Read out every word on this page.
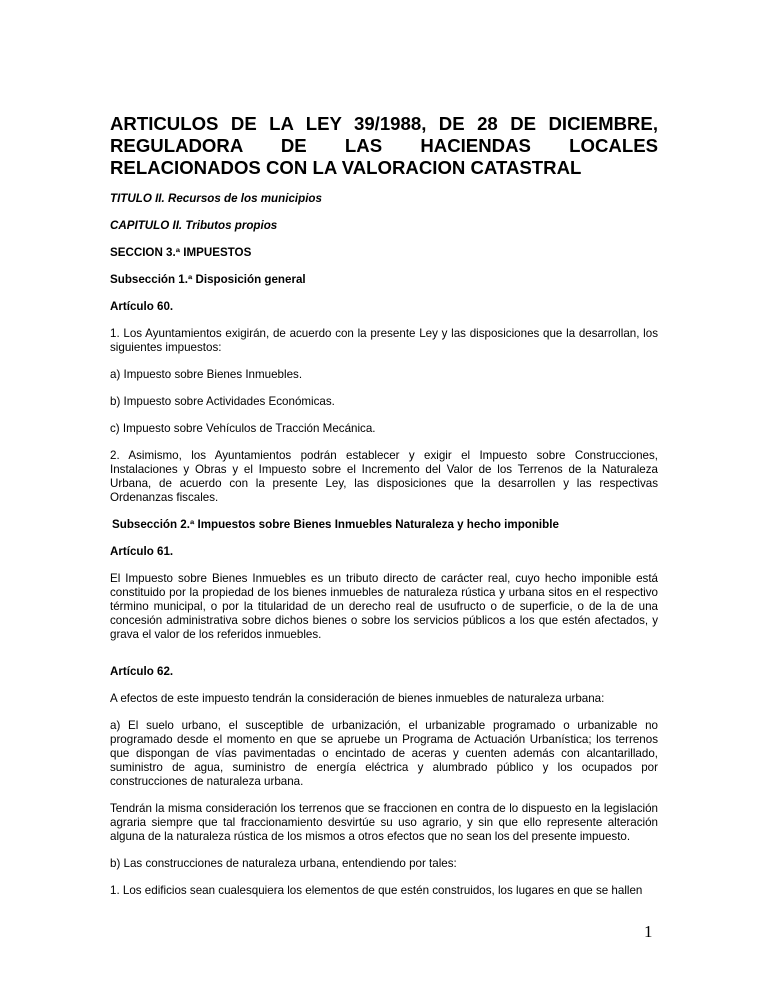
ARTICULOS DE LA LEY 39/1988, DE 28 DE DICIEMBRE, REGULADORA DE LAS HACIENDAS LOCALES RELACIONADOS CON LA VALORACION CATASTRAL
TITULO II. Recursos de los municipios
CAPITULO II. Tributos propios
SECCION 3.ª IMPUESTOS
Subsección 1.ª Disposición general
Artículo 60.

1. Los Ayuntamientos exigirán, de acuerdo con la presente Ley y las disposiciones que la desarrollan, los siguientes impuestos:

a) Impuesto sobre Bienes Inmuebles.

b) Impuesto sobre Actividades Económicas.

c) Impuesto sobre Vehículos de Tracción Mecánica.

2. Asimismo, los Ayuntamientos podrán establecer y exigir el Impuesto sobre Construcciones, Instalaciones y Obras y el Impuesto sobre el Incremento del Valor de los Terrenos de la Naturaleza Urbana, de acuerdo con la presente Ley, las disposiciones que la desarrollen y las respectivas Ordenanzas fiscales.

Subsección 2.ª Impuestos sobre Bienes Inmuebles Naturaleza y hecho imponible
Artículo 61.

El Impuesto sobre Bienes Inmuebles es un tributo directo de carácter real, cuyo hecho imponible está constituido por la propiedad de los bienes inmuebles de naturaleza rústica y urbana sitos en el respectivo término municipal, o por la titularidad de un derecho real de usufructo o de superficie, o de la de una concesión administrativa sobre dichos bienes o sobre los servicios públicos a los que estén afectados, y grava el valor de los referidos inmuebles.

Artículo 62.

A efectos de este impuesto tendrán la consideración de bienes inmuebles de naturaleza urbana:

a) El suelo urbano, el susceptible de urbanización, el urbanizable programado o urbanizable no programado desde el momento en que se apruebe un Programa de Actuación Urbanística; los terrenos que dispongan de vías pavimentadas o encintado de aceras y cuenten además con alcantarillado, suministro de agua, suministro de energía eléctrica y alumbrado público y los ocupados por construcciones de naturaleza urbana.

Tendrán la misma consideración los terrenos que se fraccionen en contra de lo dispuesto en la legislación agraria siempre que tal fraccionamiento desvirtúe su uso agrario, y sin que ello represente alteración alguna de la naturaleza rústica de los mismos a otros efectos que no sean los del presente impuesto.

b) Las construcciones de naturaleza urbana, entendiendo por tales:

1. Los edificios sean cualesquiera los elementos de que estén construidos, los lugares en que se hallen

1
